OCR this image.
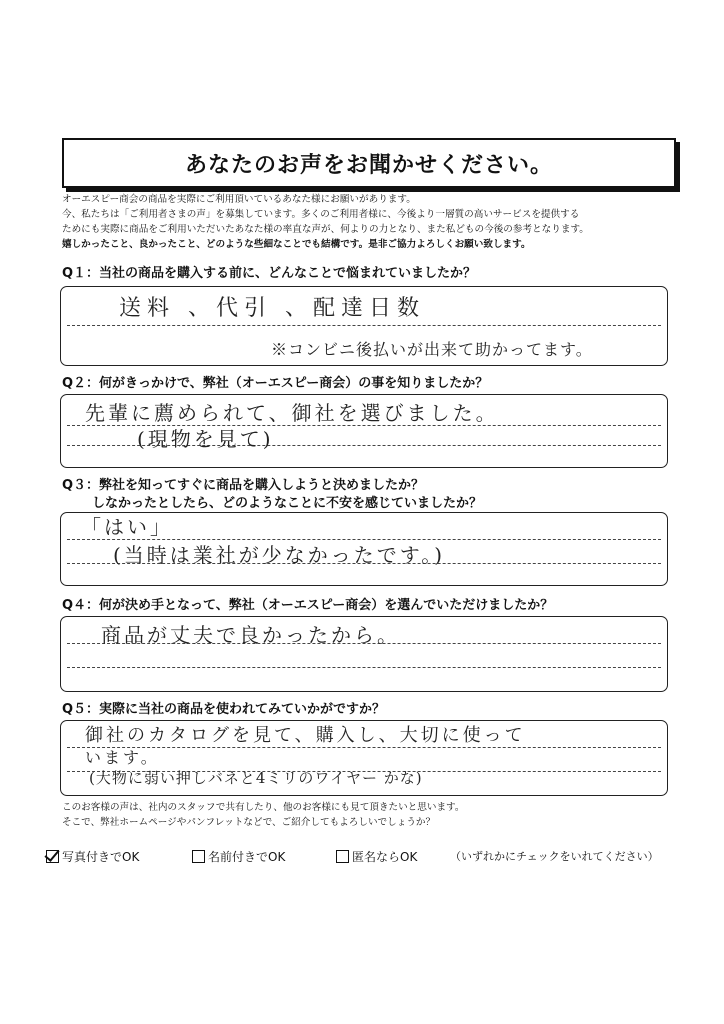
あなたのお声をお聞かせください。
オーエスピー商会の商品を実際にご利用頂いているあなた様にお願いがあります。
今、私たちは「ご利用者さまの声」を募集しています。多くのご利用者様に、今後より一層質の高いサービスを提供する
ためにも実際に商品をご利用いただいたあなた様の率直な声が、何よりの力となり、また私どもの今後の参考となります。
嬉しかったこと、良かったこと、どのような些細なことでも結構です。是非ご協力よろしくお願い致します。
Q１：当社の商品を購入する前に、どんなことで悩まれていましたか？
送料 、代引 、配達日数
※コンビニ後払いが出来て助かってます。
Q２：何がきっかけで、弊社（オーエスピー商会）の事を知りましたか？
先輩に薦められて、御社を選びました。
(現物を見て)
Q３：弊社を知ってすぐに商品を購入しようと決めましたか？
しなかったとしたら、どのようなことに不安を感じていましたか？
「はい」
(当時は業社が少なかったです。)
Q４：何が決め手となって、弊社（オーエスピー商会）を選んでいただけましたか？
商品が丈夫で良かったから。
Q５：実際に当社の商品を使われてみていかがですか？
御社のカタログを見て、購入し、大切に使って
います。
(大物に弱い押しバネと4ミリのワイヤー かな)
このお客様の声は、社内のスタッフで共有したり、他のお客様にも見て頂きたいと思います。
そこで、弊社ホームページやパンフレットなどで、ご紹介してもよろしいでしょうか？
写真付きでOK	名前付きでOK	匿名ならOK	（いずれかにチェックをいれてください）
